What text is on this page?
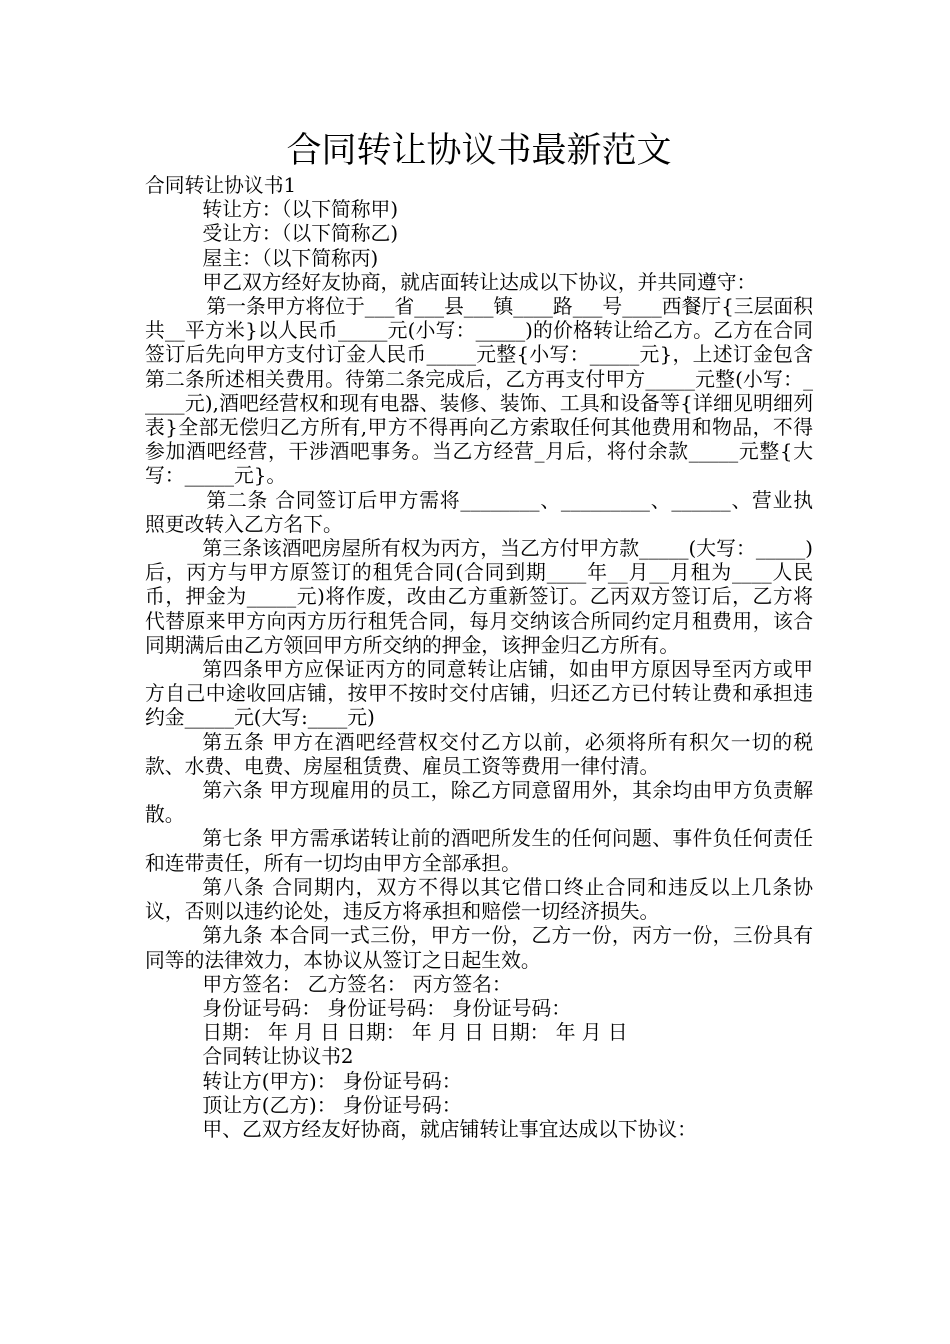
合同转让协议书最新范文
合同转让协议书1
转让方：（以下简称甲)
受让方：（以下简称乙)
屋主：（以下简称丙)
甲乙双方经好友协商，就店面转让达成以下协议，并共同遵守：
第一条甲方将位于___省___县___镇____路___号____西餐厅{三层面积共__平方米}以人民币_____元(小写：_____)的价格转让给乙方。乙方在合同签订后先向甲方支付订金人民币_____元整{小写：_____元}，上述订金包含第二条所述相关费用。待第二条完成后，乙方再支付甲方_____元整(小写：_____元),酒吧经营权和现有电器、装修、装饰、工具和设备等{详细见明细列表}全部无偿归乙方所有,甲方不得再向乙方索取任何其他费用和物品，不得参加酒吧经营，干涉酒吧事务。当乙方经营_月后，将付余款_____元整{大写：_____元}。
第二条 合同签订后甲方需将________、_________、______、营业执照更改转入乙方名下。
第三条该酒吧房屋所有权为丙方，当乙方付甲方款_____(大写：_____)后，丙方与甲方原签订的租凭合同(合同到期____年__月__月租为____人民币，押金为_____元)将作废，改由乙方重新签订。乙丙双方签订后，乙方将代替原来甲方向丙方历行租凭合同，每月交纳该合所同约定月租费用，该合同期满后由乙方领回甲方所交纳的押金，该押金归乙方所有。
第四条甲方应保证丙方的同意转让店铺，如由甲方原因导至丙方或甲方自己中途收回店铺，按甲不按时交付店铺，归还乙方已付转让费和承担违约金_____元(大写:____元)
第五条 甲方在酒吧经营权交付乙方以前，必须将所有积欠一切的税款、水费、电费、房屋租赁费、雇员工资等费用一律付清。
第六条 甲方现雇用的员工，除乙方同意留用外，其余均由甲方负责解散。
第七条 甲方需承诺转让前的酒吧所发生的任何问题、事件负任何责任和连带责任，所有一切均由甲方全部承担。
第八条 合同期内，双方不得以其它借口终止合同和违反以上几条协议，否则以违约论处，违反方将承担和赔偿一切经济损失。
第九条 本合同一式三份，甲方一份，乙方一份，丙方一份，三份具有同等的法律效力，本协议从签订之日起生效。
甲方签名： 乙方签名： 丙方签名：
身份证号码： 身份证号码： 身份证号码：
日期： 年 月 日 日期： 年 月 日 日期： 年 月 日
合同转让协议书2
转让方(甲方)： 身份证号码：
顶让方(乙方)： 身份证号码：
甲、乙双方经友好协商，就店铺转让事宜达成以下协议：
